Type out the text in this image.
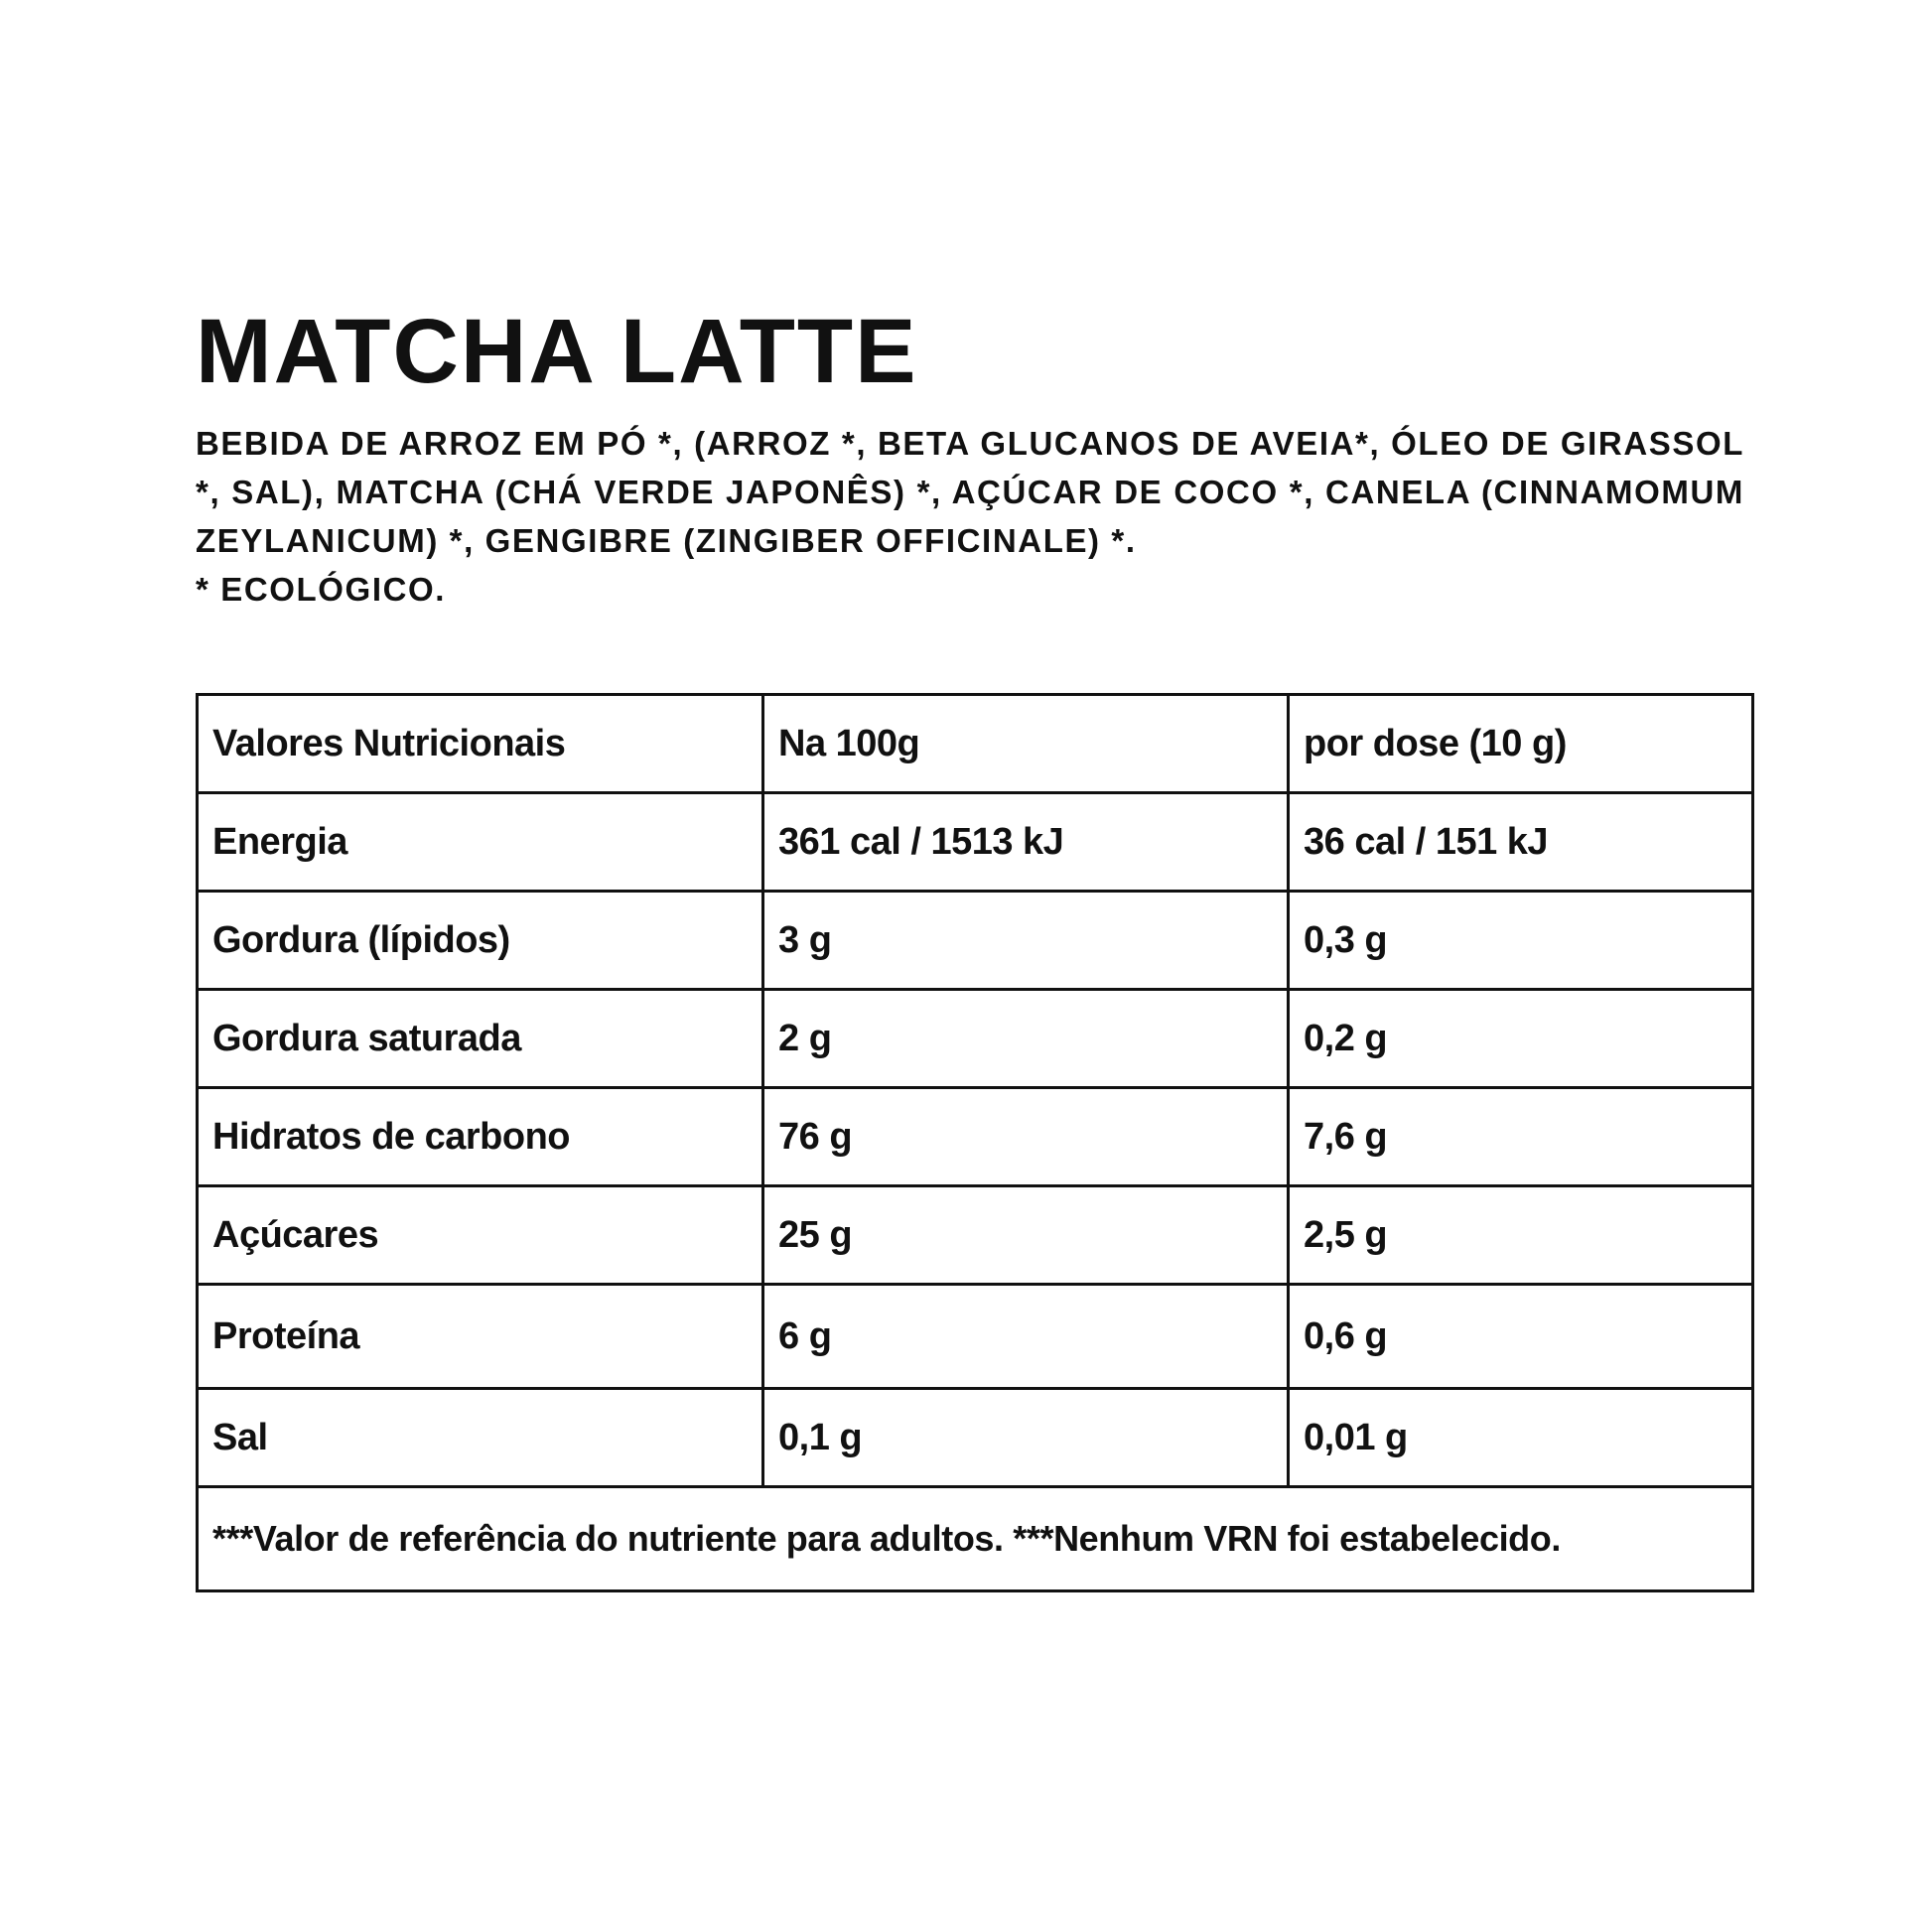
MATCHA LATTE

BEBIDA DE ARROZ EM PÓ *, (ARROZ *, BETA GLUCANOS DE AVEIA*, ÓLEO DE GIRASSOL *, SAL), MATCHA (CHÁ VERDE JAPONÊS) *, AÇÚCAR DE COCO *, CANELA (CINNAMOMUM ZEYLANICUM) *, GENGIBRE (ZINGIBER OFFICINALE) *.
* ECOLÓGICO.

Valores Nutricionais	Na 100g	por dose (10 g)
Energia	361 cal / 1513 kJ	36 cal / 151 kJ
Gordura (lípidos)	3 g	0,3 g
Gordura saturada	2 g	0,2 g
Hidratos de carbono	76 g	7,6 g
Açúcares	25 g	2,5 g
Proteína	6 g	0,6 g
Sal	0,1 g	0,01 g
***Valor de referência do nutriente para adultos. ***Nenhum VRN foi estabelecido.		
